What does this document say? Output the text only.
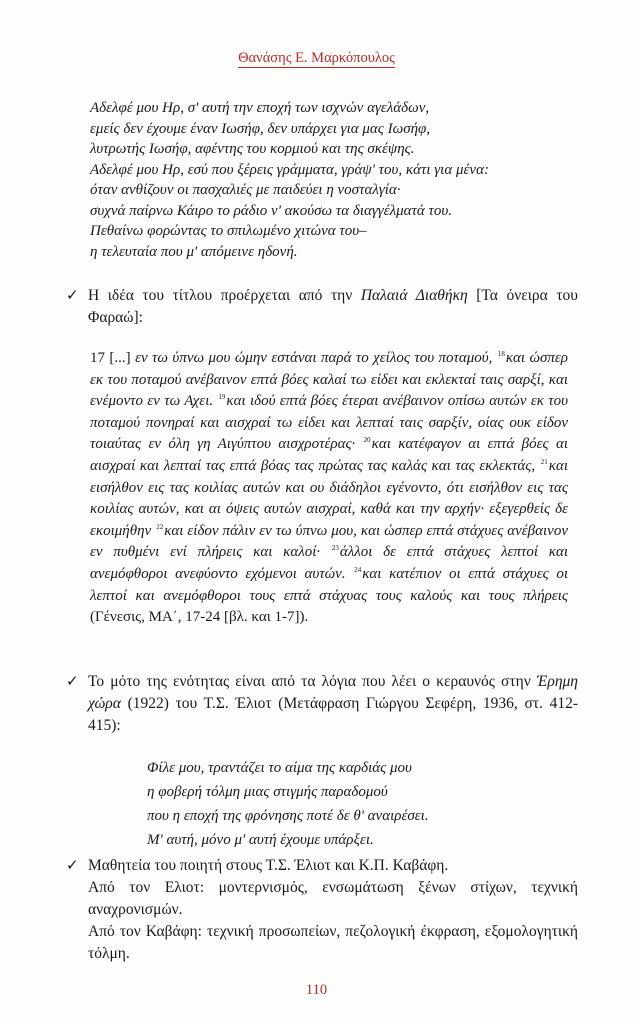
Θανάσης Ε. Μαρκόπουλος
Αδελφέ μου Ηρ, σ' αυτή την εποχή των ισχνών αγελάδων,
εμείς δεν έχουμε έναν Ιωσήφ, δεν υπάρχει για μας Ιωσήφ,
λυτρωτής Ιωσήφ, αφέντης του κορμιού και της σκέψης.
Αδελφέ μου Ηρ, εσύ που ξέρεις γράμματα, γράψ' του, κάτι για μένα:
όταν ανθίζουν οι πασχαλιές με παιδεύει η νοσταλγία·
συχνά παίρνω Κάιρο το ράδιο ν' ακούσω τα διαγγέλματά του.
Πεθαίνω φορώντας το σπιλωμένο χιτώνα του–
η τελευταία που μ' απόμεινε ηδονή.
✓ Η ιδέα του τίτλου προέρχεται από την Παλαιά Διαθήκη [Τα όνειρα του Φαραώ]:
17 [...] εν τω ύπνω μου ώμην εστάναι παρά το χείλος του ποταμού, $^{18}$και ώσπερ εκ του ποταμού ανέβαινον επτά βόες καλαί τω είδει και εκλεκταί ταις σαρξί, και ενέμοντο εν τω Αχει. $^{19}$και ιδού επτά βόες έτεραι ανέβαινον οπίσω αυτών εκ του ποταμού πονηραί και αισχραί τω είδει και λεπταί ταις σαρξίν, οίας ουκ είδον τοιαύτας εν όλη γη Αιγύπτου αισχροτέρας· $^{20}$και κατέφαγον αι επτά βόες αι αισχραί και λεπταί τας επτά βόας τας πρώτας τας καλάς και τας εκλεκτάς, $^{21}$και εισήλθον εις τας κοιλίας αυτών και ου διάδηλοι εγένοντο, ότι εισήλθον εις τας κοιλίας αυτών, και αι όψεις αυτών αισχραί, καθά και την αρχήν· εξεγερθείς δε εκοιμήθην $^{22}$και είδον πάλιν εν τω ύπνω μου, και ώσπερ επτά στάχυες ανέβαινον εν πυθμένι ενί πλήρεις και καλοί· $^{23}$άλλοι δε επτά στάχυες λεπτοί και ανεμόφθοροι ανεφύοντο εχόμενοι αυτών. $^{24}$και κατέπιον οι επτά στάχυες οι λεπτοί και ανεμόφθοροι τους επτά στάχυας τους καλούς και τους πλήρεις (Γένεσις, ΜΑ΄, 17-24 [βλ. και 1-7]).
✓ Το μότο της ενότητας είναι από τα λόγια που λέει ο κεραυνός στην Έρημη χώρα (1922) του Τ.Σ. Έλιοτ (Μετάφραση Γιώργου Σεφέρη, 1936, στ. 412-415):
Φίλε μου, τραντάζει το αίμα της καρδιάς μου
η φοβερή τόλμη μιας στιγμής παραδομού
που η εποχή της φρόνησης ποτέ δε θ' αναιρέσει.
Μ' αυτή, μόνο μ' αυτή έχουμε υπάρξει.
✓ Μαθητεία του ποιητή στους Τ.Σ. Έλιοτ και Κ.Π. Καβάφη.
Από τον Ελιοτ: μοντερνισμός, ενσωμάτωση ξένων στίχων, τεχνική αναχρονισμών.
Από τον Καβάφη: τεχνική προσωπείων, πεζολογική έκφραση, εξομολογητική τόλμη.
110
